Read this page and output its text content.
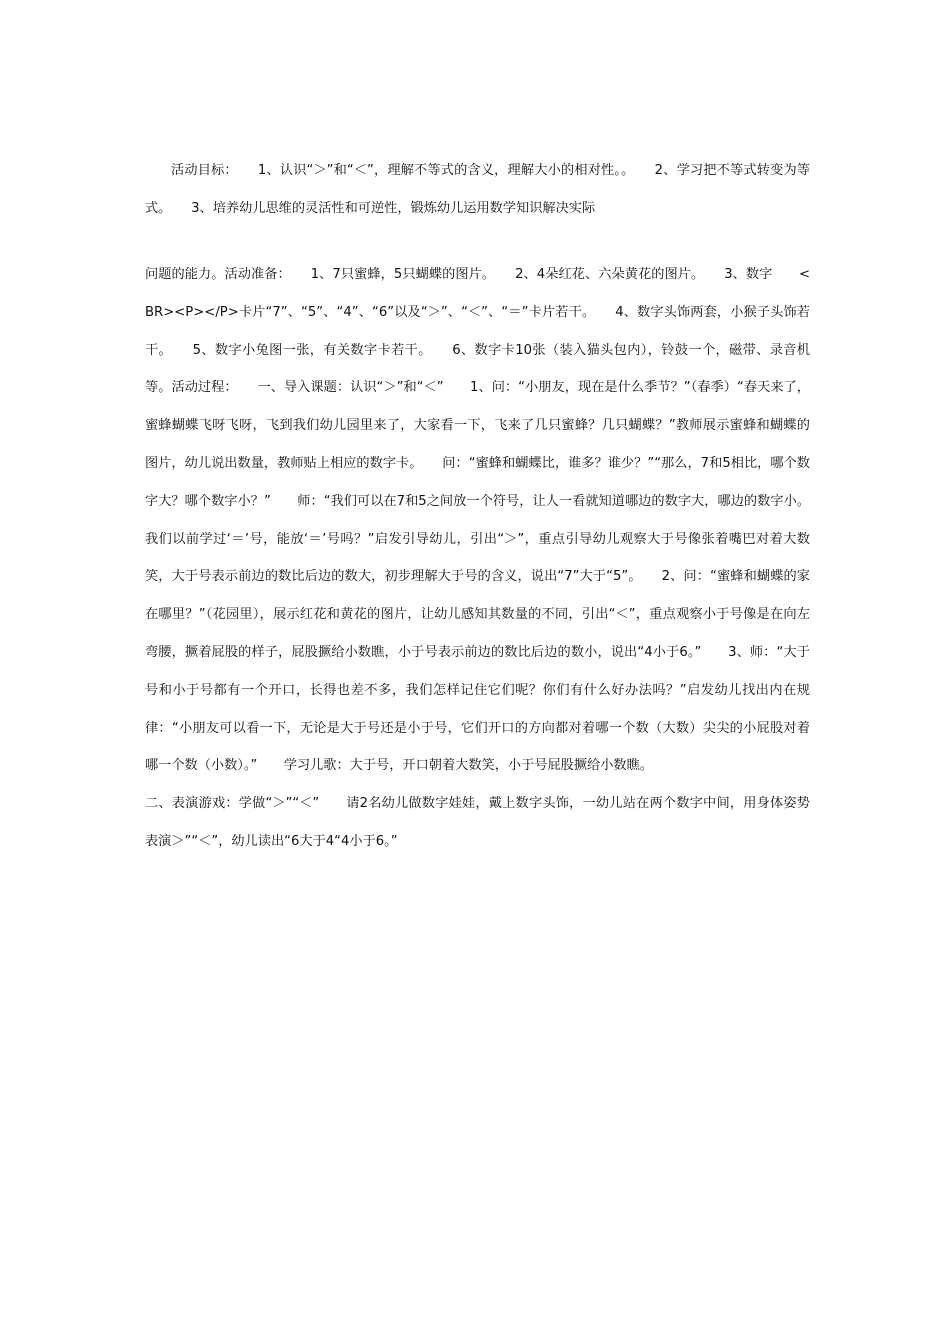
活动目标：　　1、认识“＞”和“＜”，理解不等式的含义，理解大小的相对性。。　　2、学习把不等式转变为等式。　　3、培养幼儿思维的灵活性和可逆性，锻炼幼儿运用数学知识解决实际

问题的能力。活动准备：　　1、7只蜜蜂，5只蝴蝶的图片。　　2、4朵红花、六朵黄花的图片。　　3、数字　　<BR><P></P>卡片“7”、“5”、“4”、“6”以及“＞”、“＜”、“＝”卡片若干。　　4、数字头饰两套，小猴子头饰若干。　　5、数字小兔图一张，有关数字卡若干。　　6、数字卡10张（装入猫头包内），铃鼓一个，磁带、录音机等。活动过程：　　一、导入课题：认识“＞”和“＜”　　1、问：“小朋友，现在是什么季节？”（春季）“春天来了，蜜蜂蝴蝶飞呀飞呀，飞到我们幼儿园里来了，大家看一下，飞来了几只蜜蜂？几只蝴蝶？”教师展示蜜蜂和蝴蝶的图片，幼儿说出数量，教师贴上相应的数字卡。　　问：“蜜蜂和蝴蝶比，谁多？谁少？”“那么，7和5相比，哪个数字大？哪个数字小？”　　师：“我们可以在7和5之间放一个符号，让人一看就知道哪边的数字大，哪边的数字小。我们以前学过‘＝’号，能放‘＝’号吗？”启发引导幼儿，引出“＞”，重点引导幼儿观察大于号像张着嘴巴对着大数笑，大于号表示前边的数比后边的数大，初步理解大于号的含义，说出“7”大于“5”。　　2、问：“蜜蜂和蝴蝶的家在哪里？”（花园里），展示红花和黄花的图片，让幼儿感知其数量的不同，引出“＜”，重点观察小于号像是在向左弯腰，撅着屁股的样子，屁股撅给小数瞧，小于号表示前边的数比后边的数小，说出“4小于6。”　　3、师：“大于号和小于号都有一个开口，长得也差不多，我们怎样记住它们呢？你们有什么好办法吗？”启发幼儿找出内在规律：“小朋友可以看一下，无论是大于号还是小于号，它们开口的方向都对着哪一个数（大数）尖尖的小屁股对着哪一个数（小数）。”　　学习儿歌：大于号，开口朝着大数笑，小于号屁股撅给小数瞧。
二、表演游戏：学做“＞”“＜”　　请2名幼儿做数字娃娃，戴上数字头饰，一幼儿站在两个数字中间，用身体姿势表演＞”“＜”，幼儿读出“6大于4“4小于6。”
